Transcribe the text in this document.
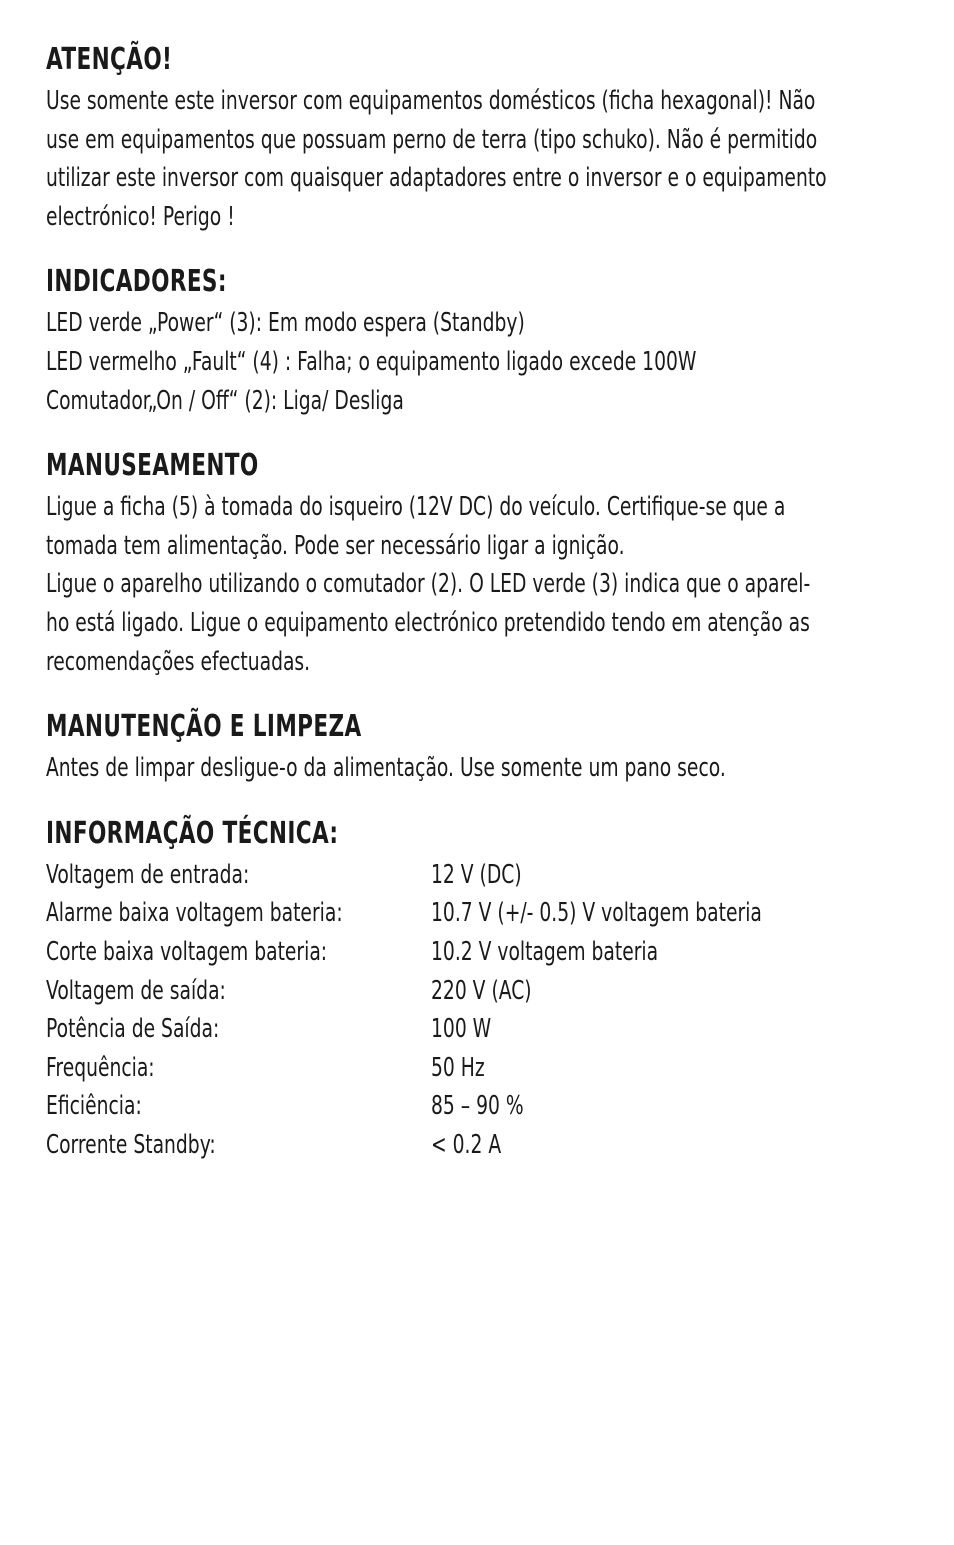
ATENÇÃO!
Use somente este inversor com equipamentos domésticos (ficha hexagonal)! Não
use em equipamentos que possuam perno de terra (tipo schuko). Não é permitido
utilizar este inversor com quaisquer adaptadores entre o inversor e o equipamento
electrónico! Perigo !
INDICADORES:
LED verde „Power“ (3): Em modo espera (Standby)
LED vermelho „Fault“ (4) : Falha; o equipamento ligado excede 100W
Comutador„On / Off“ (2): Liga/ Desliga
MANUSEAMENTO
Ligue a ficha (5) à tomada do isqueiro (12V DC) do veículo. Certifique-se que a
tomada tem alimentação. Pode ser necessário ligar a ignição.
Ligue o aparelho utilizando o comutador (2). O LED verde (3) indica que o aparel-
ho está ligado. Ligue o equipamento electrónico pretendido tendo em atenção as
recomendações efectuadas.
MANUTENÇÃO E LIMPEZA
Antes de limpar desligue-o da alimentação. Use somente um pano seco.
INFORMAÇÃO TÉCNICA:
Voltagem de entrada:	12 V (DC)
Alarme baixa voltagem bateria:	10.7 V (+/- 0.5) V voltagem bateria
Corte baixa voltagem bateria:	10.2 V voltagem bateria
Voltagem de saída:	220 V (AC)
Potência de Saída:	100 W
Frequência:	50 Hz
Eficiência:	85 – 90 %
Corrente Standby:	< 0.2 A
